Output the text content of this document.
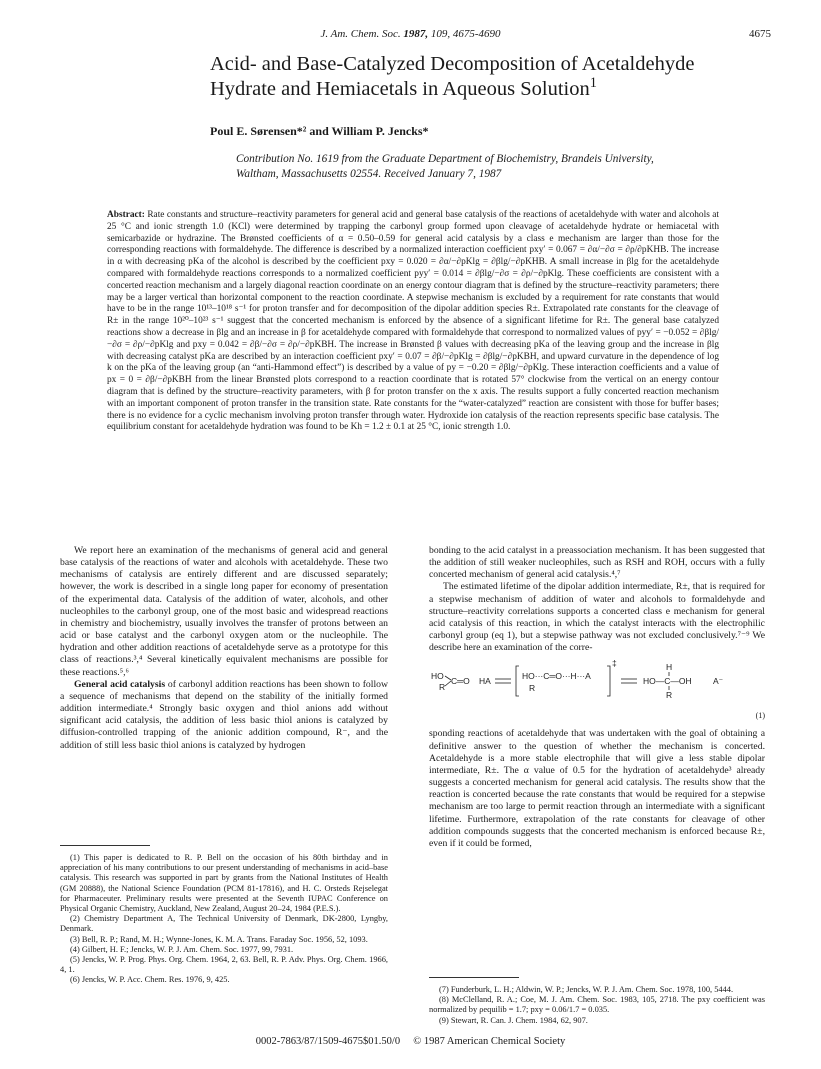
J. Am. Chem. Soc. 1987, 109, 4675-4690	4675
Acid- and Base-Catalyzed Decomposition of Acetaldehyde
Hydrate and Hemiacetals in Aqueous Solution$^1$
Poul E. Sørensen*² and William P. Jencks*
Contribution No. 1619 from the Graduate Department of Biochemistry, Brandeis University,
Waltham, Massachusetts 02554. Received January 7, 1987

Abstract: Rate constants and structure–reactivity parameters for general acid and general base catalysis of the reactions of acetaldehyde with water and alcohols at 25 °C and ionic strength 1.0 (KCl) were determined by trapping the carbonyl group formed upon cleavage of acetaldehyde hydrate or hemiacetal with semicarbazide or hydrazine. The Brønsted coefficients of α = 0.50–0.59 for general acid catalysis by a class e mechanism are larger than those for the corresponding reactions with formaldehyde. The difference is described by a normalized interaction coefficient pxy′ = 0.067 = ∂α/−∂σ = ∂ρ/∂pKHB. The increase in α with decreasing pKa of the alcohol is described by the coefficient pxy = 0.020 = ∂α/−∂pKlg = ∂βlg/−∂pKHB. A small increase in βlg for the acetaldehyde compared with formaldehyde reactions corresponds to a normalized coefficient pyy′ = 0.014 = ∂βlg/−∂σ = ∂ρ/−∂pKlg. These coefficients are consistent with a concerted reaction mechanism and a largely diagonal reaction coordinate on an energy contour diagram that is defined by the structure–reactivity parameters; there may be a larger vertical than horizontal component to the reaction coordinate. A stepwise mechanism is excluded by a requirement for rate constants that would have to be in the range 10¹³–10¹⁸ s⁻¹ for proton transfer and for decomposition of the dipolar addition species R±. Extrapolated rate constants for the cleavage of R± in the range 10²⁰–10²³ s⁻¹ suggest that the concerted mechanism is enforced by the absence of a significant lifetime for R±. The general base catalyzed reactions show a decrease in βlg and an increase in β for acetaldehyde compared with formaldehyde that correspond to normalized values of pyy′ = −0.052 = ∂βlg/−∂σ = ∂ρ/−∂pKlg and pxy = 0.042 = ∂β/−∂σ = ∂ρ/−∂pKBH. The increase in Brønsted β values with decreasing pKa of the leaving group and the increase in βlg with decreasing catalyst pKa are described by an interaction coefficient pxy′ = 0.07 = ∂β/−∂pKlg = ∂βlg/−∂pKBH, and upward curvature in the dependence of log k on the pKa of the leaving group (an “anti-Hammond effect”) is described by a value of py = −0.20 = ∂βlg/−∂pKlg. These interaction coefficients and a value of px = 0 = ∂β/−∂pKBH from the linear Brønsted plots correspond to a reaction coordinate that is rotated 57° clockwise from the vertical on an energy contour diagram that is defined by the structure–reactivity parameters, with β for proton transfer on the x axis. The results support a fully concerted reaction mechanism with an important component of proton transfer in the transition state. Rate constants for the “water-catalyzed” reaction are consistent with those for buffer bases; there is no evidence for a cyclic mechanism involving proton transfer through water. Hydroxide ion catalysis of the reaction represents specific base catalysis. The equilibrium constant for acetaldehyde hydration was found to be Kh = 1.2 ± 0.1 at 25 °C, ionic strength 1.0.

We report here an examination of the mechanisms of general acid and general base catalysis of the reactions of water and alcohols with acetaldehyde. These two mechanisms of catalysis are entirely different and are discussed separately; however, the work is described in a single long paper for economy of presentation of the experimental data. Catalysis of the addition of water, alcohols, and other nucleophiles to the carbonyl group, one of the most basic and widespread reactions in chemistry and biochemistry, usually involves the transfer of protons between an acid or base catalyst and the carbonyl oxygen atom or the nucleophile. The hydration and other addition reactions of acetaldehyde serve as a prototype for this class of reactions.³,⁴ Several kinetically equivalent mechanisms are possible for these reactions.⁵,⁶

General acid catalysis of carbonyl addition reactions has been shown to follow a sequence of mechanisms that depend on the stability of the initially formed addition intermediate.⁴ Strongly basic oxygen and thiol anions add without significant acid catalysis, the addition of less basic thiol anions is catalyzed by diffusion-controlled trapping of the anionic addition compound, R⁻, and the addition of still less basic thiol anions is catalyzed by hydrogen

bonding to the acid catalyst in a preassociation mechanism. It has been suggested that the addition of still weaker nucleophiles, such as RSH and ROH, occurs with a fully concerted mechanism of general acid catalysis.⁴,⁷

The estimated lifetime of the dipolar addition intermediate, R±, that is required for a stepwise mechanism of addition of water and alcohols to formaldehyde and structure–reactivity correlations supports a concerted class e mechanism for general acid catalysis of this reaction, in which the catalyst interacts with the electrophilic carbonyl group (eq 1), but a stepwise pathway was not excluded conclusively.⁷⁻⁹ We describe here an examination of the corre-

HO
R
C═O HA	HO···C═O···H···A
R
‡	H
HO—C—OH
R
A⁻
(1)

sponding reactions of acetaldehyde that was undertaken with the goal of obtaining a definitive answer to the question of whether the mechanism is concerted. Acetaldehyde is a more stable electrophile that will give a less stable dipolar intermediate, R±. The α value of 0.5 for the hydration of acetaldehyde³ already suggests a concerted mechanism for general acid catalysis. The results show that the reaction is concerted because the rate constants that would be required for a stepwise mechanism are too large to permit reaction through an intermediate with a significant lifetime. Furthermore, extrapolation of the rate constants for cleavage of other addition compounds suggests that the concerted mechanism is enforced because R±, even if it could be formed,

(1) This paper is dedicated to R. P. Bell on the occasion of his 80th birthday and in appreciation of his many contributions to our present understanding of mechanisms in acid–base catalysis. This research was supported in part by grants from the National Institutes of Health (GM 20888), the National Science Foundation (PCM 81-17816), and H. C. Orsteds Rejselegat for Pharmaceuter. Preliminary results were presented at the Seventh IUPAC Conference on Physical Organic Chemistry, Auckland, New Zealand, August 20–24, 1984 (P.E.S.).

(2) Chemistry Department A, The Technical University of Denmark, DK-2800, Lyngby, Denmark.

(3) Bell, R. P.; Rand, M. H.; Wynne-Jones, K. M. A. Trans. Faraday Soc. 1956, 52, 1093.

(4) Gilbert, H. F.; Jencks, W. P. J. Am. Chem. Soc. 1977, 99, 7931.

(5) Jencks, W. P. Prog. Phys. Org. Chem. 1964, 2, 63. Bell, R. P. Adv. Phys. Org. Chem. 1966, 4, 1.

(6) Jencks, W. P. Acc. Chem. Res. 1976, 9, 425.

(7) Funderburk, L. H.; Aldwin, W. P.; Jencks, W. P. J. Am. Chem. Soc. 1978, 100, 5444.

(8) McClelland, R. A.; Coe, M. J. Am. Chem. Soc. 1983, 105, 2718. The pxy coefficient was normalized by ρequilib = 1.7; pxy = 0.06/1.7 = 0.035.

(9) Stewart, R. Can. J. Chem. 1984, 62, 907.

0002-7863/87/1509-4675$01.50/0 © 1987 American Chemical Society
